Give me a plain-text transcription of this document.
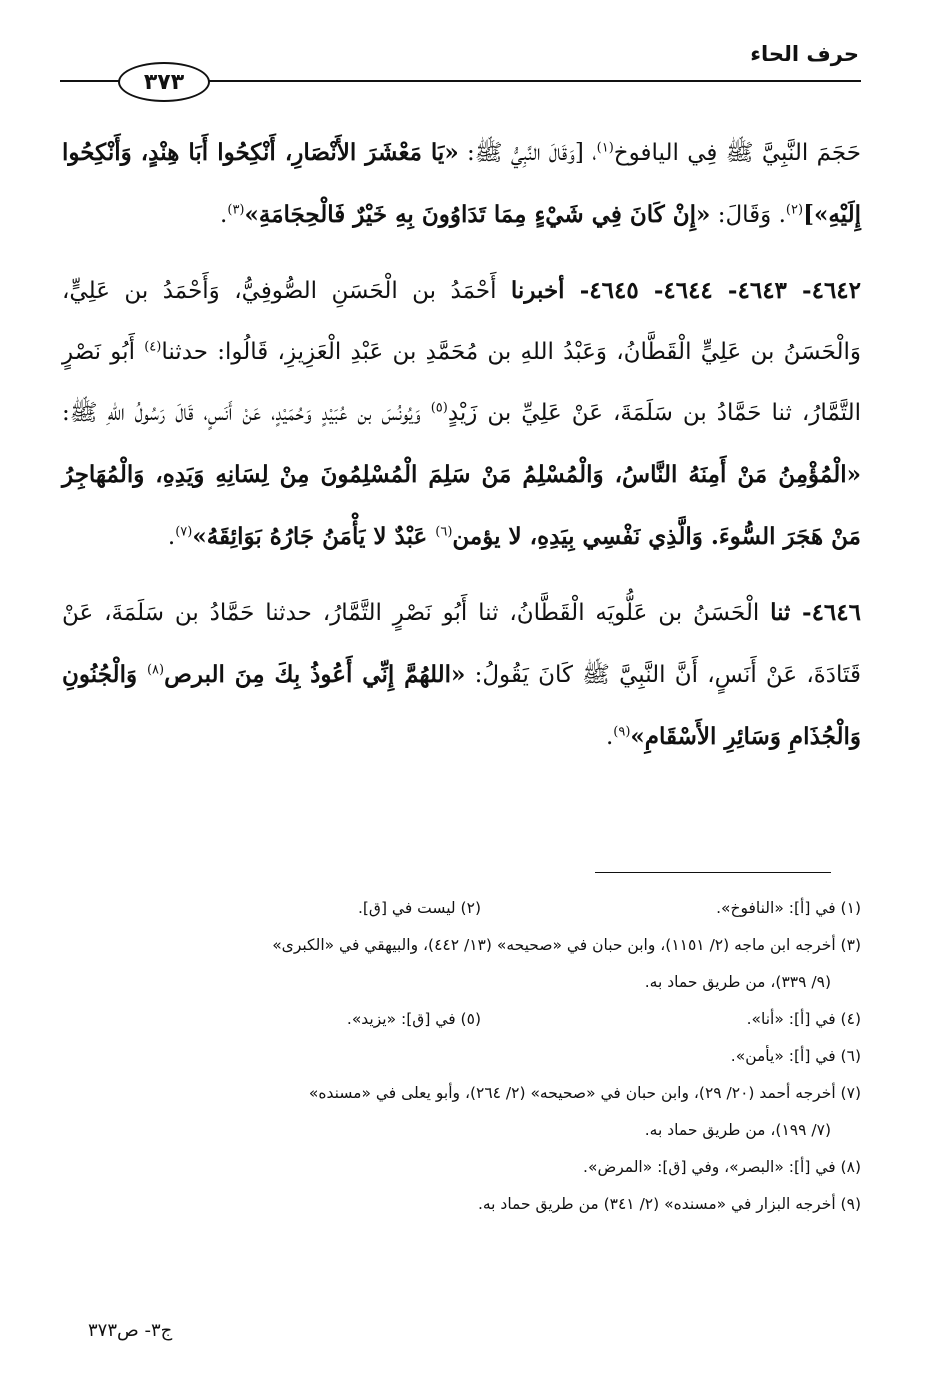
حرف الحاء
٣٧٣

حَجَمَ النَّبِيَّ ﷺ فِي اليافوخ$^{(١)}$، [وَقَالَ النَّبِيُّ ﷺ: «يَا مَعْشَرَ الأَنْصَارِ، أَنْكِحُوا أَبَا هِنْدٍ، وَأَنْكِحُوا إِلَيْهِ»]$^{(٢)}$. وَقَالَ: «إِنْ كَانَ فِي شَيْءٍ مِمَا تَدَاوُونَ بِهِ خَيْرٌ فَالْحِجَامَةِ»$^{(٣)}$.

٤٦٤٢- ٤٦٤٣- ٤٦٤٤- ٤٦٤٥- أخبرنا أَحْمَدُ بن الْحَسَنِ الصُّوفِيُّ، وَأَحْمَدُ بن عَلِيٍّ، وَالْحَسَنُ بن عَلِيٍّ الْقَطَّانُ، وَعَبْدُ اللهِ بن مُحَمَّدِ بن عَبْدِ الْعَزِيزِ، قَالُوا: حدثنا$^{(٤)}$ أَبُو نَصْرٍ التَّمَّارُ، ثنا حَمَّادُ بن سَلَمَةَ، عَنْ عَلِيِّ بن زَيْدٍ$^{(٥)}$ وَيُونُسَ بن عُبَيْدٍ وَحُمَيْدٍ، عَنْ أَنَسٍ، قَالَ رَسُولُ اللهِ ﷺ: «الْمُؤْمِنُ مَنْ أَمِنَهُ النَّاسُ، وَالْمُسْلِمُ مَنْ سَلِمَ الْمُسْلِمُونَ مِنْ لِسَانِهِ وَيَدِهِ، وَالْمُهَاجِرُ مَنْ هَجَرَ السُّوءَ. وَالَّذِي نَفْسِي بِيَدِهِ، لا يؤمن$^{(٦)}$ عَبْدٌ لا يَأْمَنُ جَارُهُ بَوَائِقَهُ»$^{(٧)}$.

٤٦٤٦- ثنا الْحَسَنُ بن عَلُّويَه الْقَطَّانُ، ثنا أَبُو نَصْرٍ التَّمَّارُ، حدثنا حَمَّادُ بن سَلَمَةَ، عَنْ قَتَادَةَ، عَنْ أَنَسٍ، أَنَّ النَّبِيَّ ﷺ كَانَ يَقُولُ: «اللهُمَّ إِنِّي أَعُوذُ بِكَ مِنَ البرص$^{(٨)}$ وَالْجُنُونِ وَالْجُذَامِ وَسَائِرِ الأَسْقَامِ»$^{(٩)}$.

(١) في [أ]: «النافوخ».
(٢) ليست في [ق].
(٣) أخرجه ابن ماجه (٢/ ١١٥١)، وابن حبان في «صحيحه» (١٣/ ٤٤٢)، والبيهقي في «الكبرى»
(٩/ ٣٣٩)، من طريق حماد به.
(٤) في [أ]: «أنا».
(٥) في [ق]: «يزيد».
(٦) في [أ]: «يأمن».
(٧) أخرجه أحمد (٢٠/ ٢٩)، وابن حبان في «صحيحه» (٢/ ٢٦٤)، وأبو يعلى في «مسنده»
(٧/ ١٩٩)، من طريق حماد به.
(٨) في [أ]: «البصر»، وفي [ق]: «المرض».
(٩) أخرجه البزار في «مسنده» (٢/ ٣٤١) من طريق حماد به.
ج٣- ص٣٧٣
